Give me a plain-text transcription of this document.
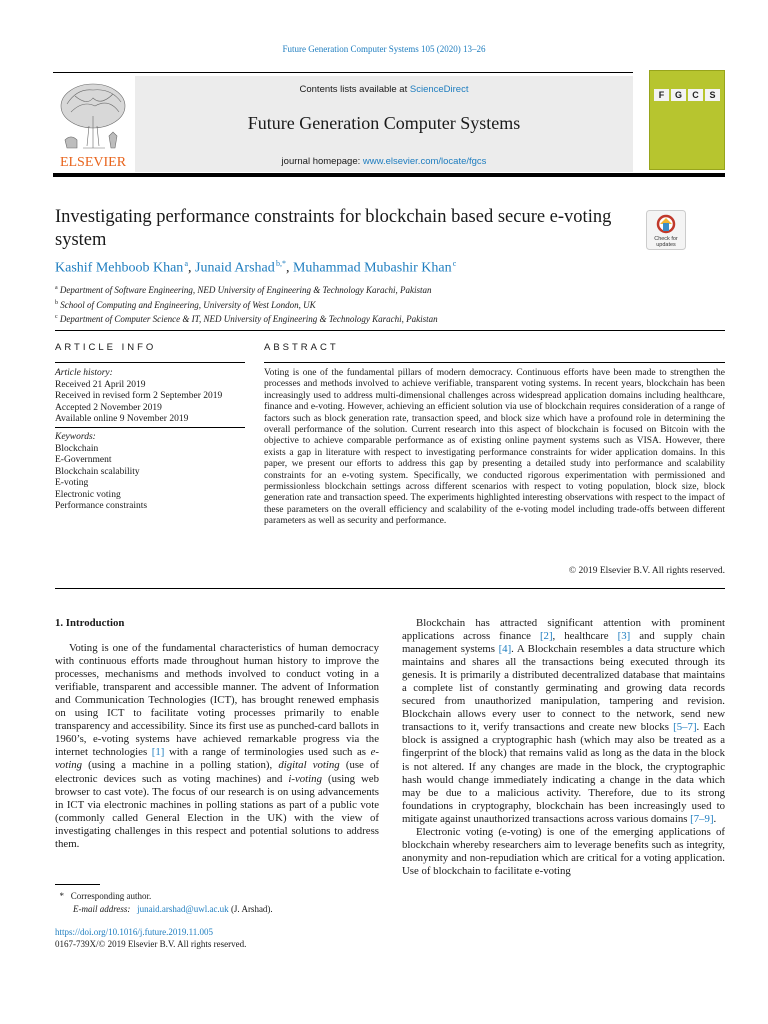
Future Generation Computer Systems 105 (2020) 13–26
ELSEVIER
Contents lists available at ScienceDirect
Future Generation Computer Systems
journal homepage: www.elsevier.com/locate/fgcs
F	G	C	S
Investigating performance constraints for blockchain based secure e-voting system	Check for updates
Kashif Mehboob Khan $^a$, Junaid Arshad $^{b,*}$, Muhammad Mubashir Khan $^c$
$^a$ Department of Software Engineering, NED University of Engineering & Technology Karachi, Pakistan
$^b$ School of Computing and Engineering, University of West London, UK
$^c$ Department of Computer Science & IT, NED University of Engineering & Technology Karachi, Pakistan
ARTICLE INFO	ABSTRACT
Article history:
Received 21 April 2019
Received in revised form 2 September 2019
Accepted 2 November 2019
Available online 9 November 2019
Keywords:
Blockchain
E-Government
Blockchain scalability
E-voting
Electronic voting
Performance constraints
Voting is one of the fundamental pillars of modern democracy. Continuous efforts have been made to strengthen the processes and methods involved to achieve verifiable, transparent voting systems. In recent years, blockchain has been increasingly used to address multi-dimensional challenges across widespread application domains including healthcare, finance and e-voting. However, achieving an efficient solution via use of blockchain requires consideration of a range of factors such as block generation rate, transaction speed, and block size which have a profound role in determining the overall performance of the solution. Current research into this aspect of blockchain is focused on Bitcoin with the objective to achieve comparable performance as of existing online payment systems such as VISA. However, there exists a gap in literature with respect to investigating performance constraints for wider application domains. In this paper, we present our efforts to address this gap by presenting a detailed study into performance and scalability constraints for an e-voting system. Specifically, we conducted rigorous experimentation with permissioned and permissionless blockchain settings across different scenarios with respect to voting population, block size, block generation rate and transaction speed. The experiments highlighted interesting observations with respect to the impact of these parameters on the overall efficiency and scalability of the e-voting model including trade-offs between different parameters as well as security and performance.
© 2019 Elsevier B.V. All rights reserved.
1. Introduction

Voting is one of the fundamental characteristics of human democracy with continuous efforts made throughout human history to improve the processes, mechanisms and methods involved to conduct voting in a verifiable, transparent and accessible manner. The advent of Information and Communication Technologies (ICT), has brought renewed emphasis on using ICT to facilitate voting processes primarily to enable transparency and accessibility. Since its first use as punched-card ballots in 1960’s, e-voting systems have achieved remarkable progress via the internet technologies [1] with a range of terminologies used such as e-voting (using a machine in a polling station), digital voting (use of electronic devices such as voting machines) and i-voting (using web browser to cast vote). The focus of our research is on using advancements in ICT via electronic machines in polling stations as part of a public vote (commonly called General Election in the UK) with the view of investigating challenges in this respect and potential solutions to address them.

Blockchain has attracted significant attention with prominent applications across finance [2], healthcare [3] and supply chain management systems [4]. A Blockchain resembles a data structure which maintains and shares all the transactions being executed through its genesis. It is primarily a distributed decentralized database that maintains a complete list of constantly germinating and growing data records secured from unauthorized manipulation, tampering and revision. Blockchain allows every user to connect to the network, send new transactions to it, verify transactions and create new blocks [5–7]. Each block is assigned a cryptographic hash (which may also be treated as a fingerprint of the block) that remains valid as long as the data in the block is not altered. If any changes are made in the block, the cryptographic hash would change immediately indicating a change in the data which may be due to a malicious activity. Therefore, due to its strong foundations in cryptography, blockchain has been increasingly used to mitigate against unauthorized transactions across various domains [7–9].

Electronic voting (e-voting) is one of the emerging applications of blockchain whereby researchers aim to leverage benefits such as integrity, anonymity and non-repudiation which are critical for a voting application. Use of blockchain to facilitate e-voting

* Corresponding author.
E-mail address: junaid.arshad@uwl.ac.uk (J. Arshad).
https://doi.org/10.1016/j.future.2019.11.005
0167-739X/© 2019 Elsevier B.V. All rights reserved.
